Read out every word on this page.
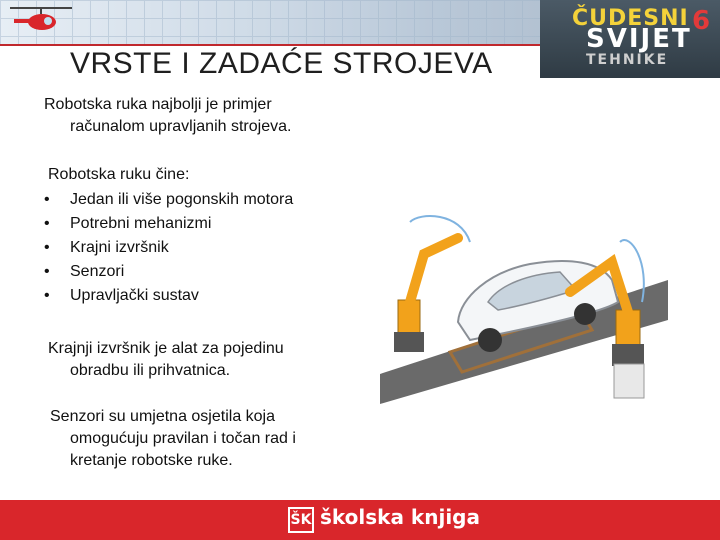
VRSTE I ZADAĆE STROJEVA
ČUDESNI
SVIJET
TEHNIKE
6
Robotska ruka najbolji je primjer računalom upravljanih strojeva.
Robotska ruku čine:
• Jedan ili više pogonskih motora
• Potrebni mehanizmi
• Krajni izvršnik
• Senzori
• Upravljački sustav
Krajnji izvršnik je alat za pojedinu obradbu ili prihvatnica.
Senzori su umjetna osjetila koja omogućuju pravilan i točan rad i kretanje robotske ruke.
ŠK školska knjiga
